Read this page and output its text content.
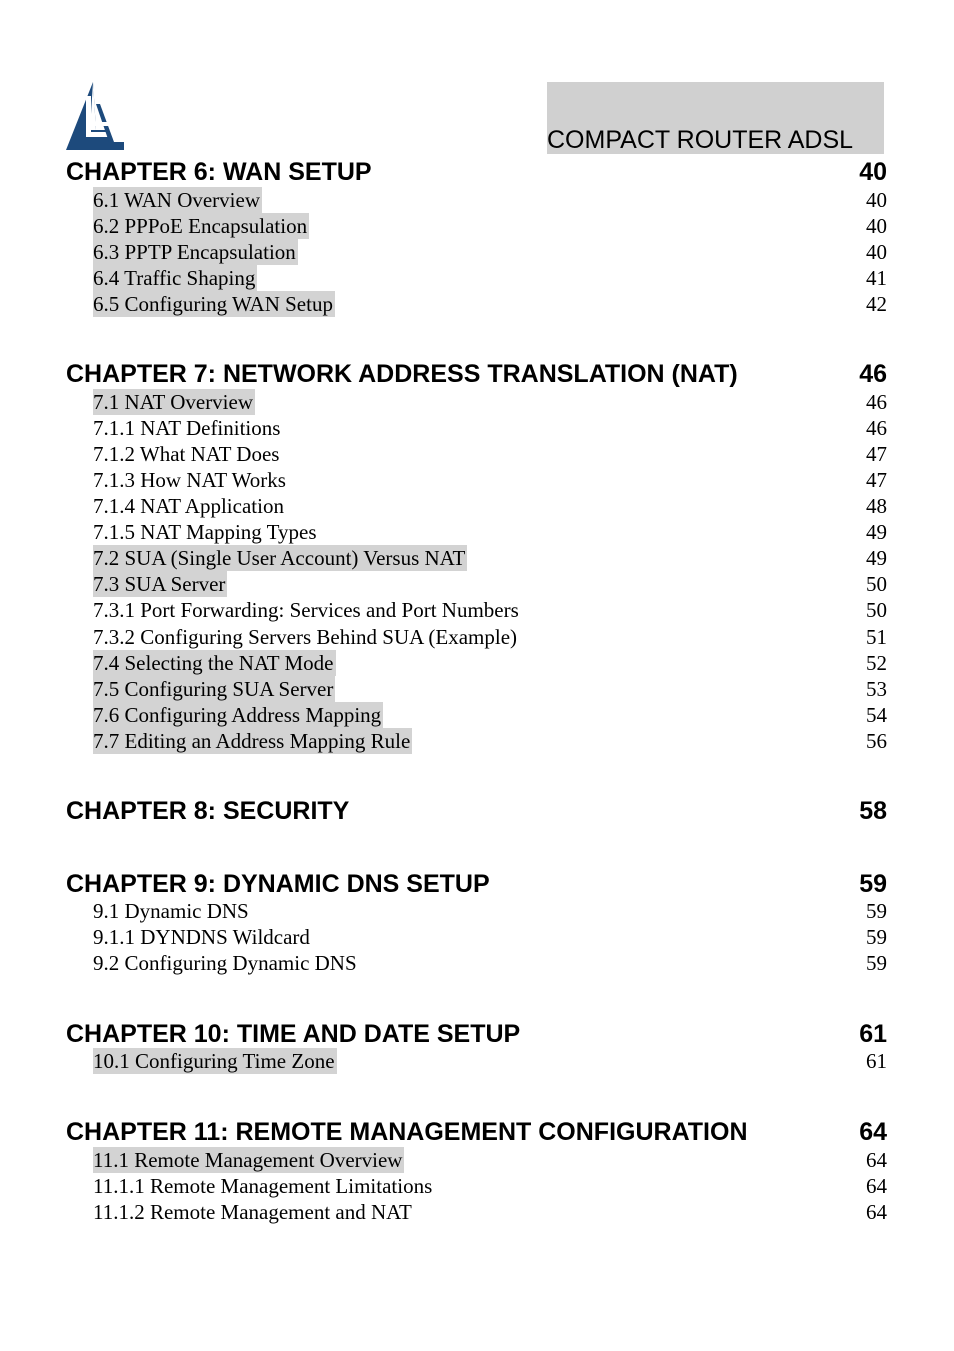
COMPACT ROUTER ADSL
CHAPTER 6: WAN SETUP	40
6.1 WAN Overview	40
6.2 PPPoE Encapsulation	40
6.3 PPTP Encapsulation	40
6.4 Traffic Shaping	41
6.5 Configuring WAN Setup	42
CHAPTER 7: NETWORK ADDRESS TRANSLATION (NAT)	46
7.1 NAT Overview	46
7.1.1 NAT Definitions	46
7.1.2 What NAT Does	47
7.1.3 How NAT Works	47
7.1.4 NAT Application	48
7.1.5 NAT Mapping Types	49
7.2 SUA (Single User Account) Versus NAT	49
7.3 SUA Server	50
7.3.1 Port Forwarding: Services and Port Numbers	50
7.3.2 Configuring Servers Behind SUA (Example)	51
7.4 Selecting the NAT Mode	52
7.5 Configuring SUA Server	53
7.6 Configuring Address Mapping	54
7.7 Editing an Address Mapping Rule	56
CHAPTER 8: SECURITY	58
CHAPTER 9: DYNAMIC DNS SETUP	59
9.1 Dynamic DNS	59
9.1.1 DYNDNS Wildcard	59
9.2 Configuring Dynamic DNS	59
CHAPTER 10: TIME AND DATE SETUP	61
10.1 Configuring Time Zone	61
CHAPTER 11: REMOTE MANAGEMENT CONFIGURATION	64
11.1 Remote Management Overview	64
11.1.1 Remote Management Limitations	64
11.1.2 Remote Management and NAT	64
